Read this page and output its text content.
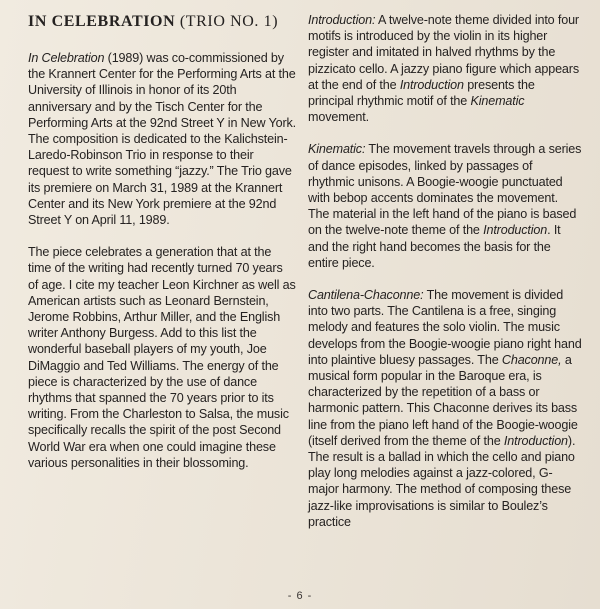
IN CELEBRATION (TRIO NO. 1)

In Celebration (1989) was co-commissioned by the Krannert Center for the Performing Arts at the University of Illinois in honor of its 20th anniversary and by the Tisch Center for the Performing Arts at the 92nd Street Y in New York. The composition is dedicated to the Kalichstein-Laredo-Robinson Trio in response to their request to write something “jazzy.” The Trio gave its premiere on March 31, 1989 at the Krannert Center and its New York premiere at the 92nd Street Y on April 11, 1989.

The piece celebrates a generation that at the time of the writing had recently turned 70 years of age. I cite my teacher Leon Kirchner as well as American artists such as Leonard Bernstein, Jerome Robbins, Arthur Miller, and the English writer Anthony Burgess. Add to this list the wonderful baseball players of my youth, Joe DiMaggio and Ted Williams. The energy of the piece is characterized by the use of dance rhythms that spanned the 70 years prior to its writing. From the Charleston to Salsa, the music specifically recalls the spirit of the post Second World War era when one could imagine these various personalities in their blossoming.

Introduction: A twelve-note theme divided into four motifs is introduced by the violin in its higher register and imitated in halved rhythms by the pizzicato cello. A jazzy piano figure which appears at the end of the Introduction presents the principal rhythmic motif of the Kinematic movement.

Kinematic: The movement travels through a series of dance episodes, linked by passages of rhythmic unisons. A Boogie-woogie punctuated with bebop accents dominates the movement. The material in the left hand of the piano is based on the twelve-note theme of the Introduction. It and the right hand becomes the basis for the entire piece.

Cantilena-Chaconne: The movement is divided into two parts. The Cantilena is a free, singing melody and features the solo violin. The music develops from the Boogie-woogie piano right hand into plaintive bluesy passages. The Chaconne, a musical form popular in the Baroque era, is characterized by the repetition of a bass or harmonic pattern. This Chaconne derives its bass line from the piano left hand of the Boogie-woogie (itself derived from the theme of the Introduction). The result is a ballad in which the cello and piano play long melodies against a jazz-colored, G-major harmony. The method of composing these jazz-like improvisations is similar to Boulez’s practice

- 6 -
